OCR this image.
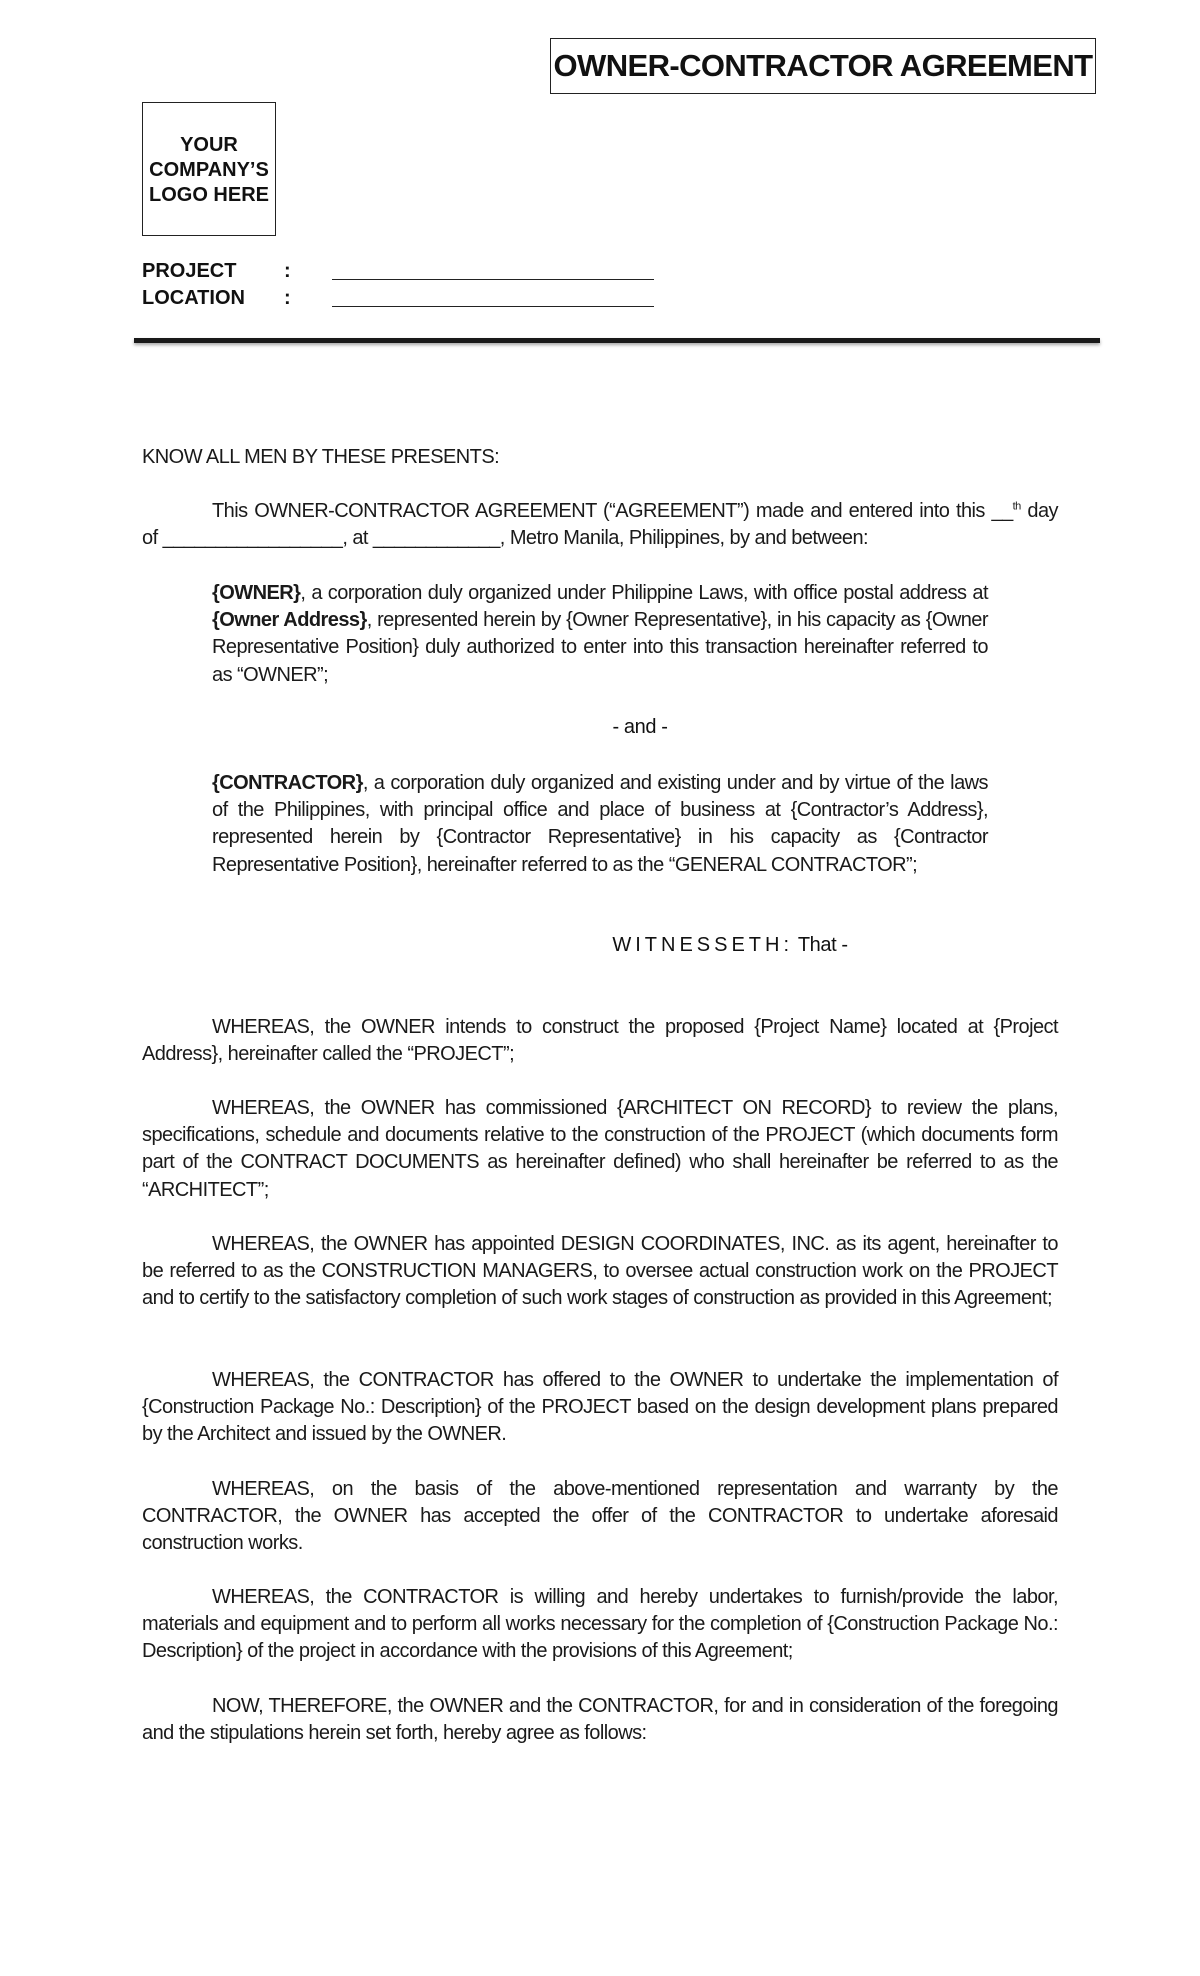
OWNER-CONTRACTOR AGREEMENT
YOUR
COMPANY’S
LOGO HERE
PROJECT :
LOCATION :
KNOW ALL MEN BY THESE PRESENTS:
This OWNER-CONTRACTOR AGREEMENT (“AGREEMENT”) made and entered into this __$^{th}$ day of _________________, at ____________, Metro Manila, Philippines, by and between:
{OWNER}, a corporation duly organized under Philippine Laws, with office postal address at {Owner Address}, represented herein by {Owner Representative}, in his capacity as {Owner Representative Position} duly authorized to enter into this transaction hereinafter referred to as “OWNER”;
- and -
{CONTRACTOR}, a corporation duly organized and existing under and by virtue of the laws of the Philippines, with principal office and place of business at {Contractor’s Address}, represented herein by {Contractor Representative} in his capacity as {Contractor Representative Position}, hereinafter referred to as the “GENERAL CONTRACTOR”;
WITNESSETH: That -
WHEREAS, the OWNER intends to construct the proposed {Project Name} located at {Project Address}, hereinafter called the “PROJECT”;
WHEREAS, the OWNER has commissioned {ARCHITECT ON RECORD} to review the plans, specifications, schedule and documents relative to the construction of the PROJECT (which documents form part of the CONTRACT DOCUMENTS as hereinafter defined) who shall hereinafter be referred to as the “ARCHITECT”;
WHEREAS, the OWNER has appointed DESIGN COORDINATES, INC. as its agent, hereinafter to be referred to as the CONSTRUCTION MANAGERS, to oversee actual construction work on the PROJECT and to certify to the satisfactory completion of such work stages of construction as provided in this Agreement;
WHEREAS, the CONTRACTOR has offered to the OWNER to undertake the implementation of {Construction Package No.: Description} of the PROJECT based on the design development plans prepared by the Architect and issued by the OWNER.
WHEREAS, on the basis of the above-mentioned representation and warranty by the CONTRACTOR, the OWNER has accepted the offer of the CONTRACTOR to undertake aforesaid construction works.
WHEREAS, the CONTRACTOR is willing and hereby undertakes to furnish/provide the labor, materials and equipment and to perform all works necessary for the completion of {Construction Package No.: Description} of the project in accordance with the provisions of this Agreement;
NOW, THEREFORE, the OWNER and the CONTRACTOR, for and in consideration of the foregoing and the stipulations herein set forth, hereby agree as follows:
